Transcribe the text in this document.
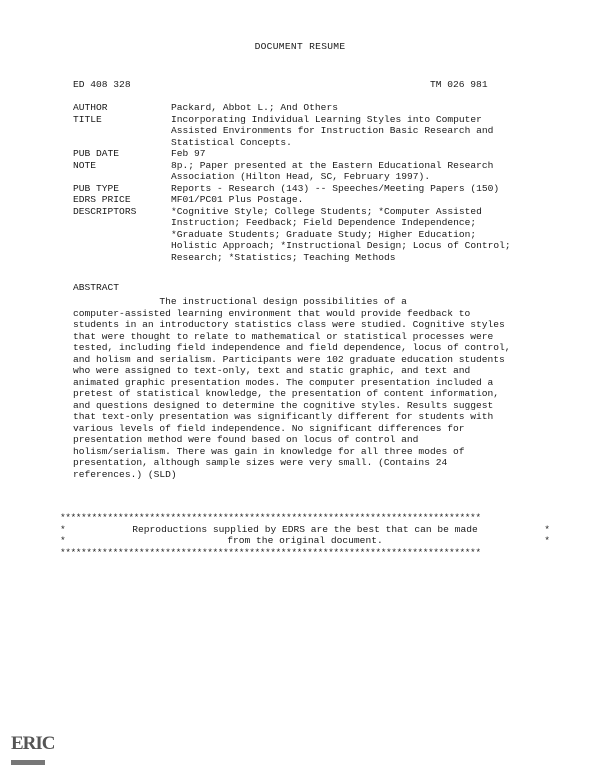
DOCUMENT RESUME
ED 408 328	TM 026 981
AUTHOR	Packard, Abbot L.; And Others
TITLE	Incorporating Individual Learning Styles into Computer
Assisted Environments for Instruction Basic Research and
Statistical Concepts.
PUB DATE	Feb 97
NOTE	8p.; Paper presented at the Eastern Educational Research
Association (Hilton Head, SC, February 1997).
PUB TYPE	Reports - Research (143) -- Speeches/Meeting Papers (150)
EDRS PRICE	MF01/PC01 Plus Postage.
DESCRIPTORS	*Cognitive Style; College Students; *Computer Assisted
Instruction; Feedback; Field Dependence Independence;
*Graduate Students; Graduate Study; Higher Education;
Holistic Approach; *Instructional Design; Locus of Control;
Research; *Statistics; Teaching Methods
ABSTRACT
The instructional design possibilities of a
computer-assisted learning environment that would provide feedback to
students in an introductory statistics class were studied. Cognitive styles
that were thought to relate to mathematical or statistical processes were
tested, including field independence and field dependence, locus of control,
and holism and serialism. Participants were 102 graduate education students
who were assigned to text-only, text and static graphic, and text and
animated graphic presentation modes. The computer presentation included a
pretest of statistical knowledge, the presentation of content information,
and questions designed to determine the cognitive styles. Results suggest
that text-only presentation was significantly different for students with
various levels of field independence. No significant differences for
presentation method were found based on locus of control and
holism/serialism. There was gain in knowledge for all three modes of
presentation, although sample sizes were very small. (Contains 24
references.) (SLD)
********************************************************************************
*	Reproductions supplied by EDRS are the best that can be made	*
*	from the original document.	*
********************************************************************************
ERIC
